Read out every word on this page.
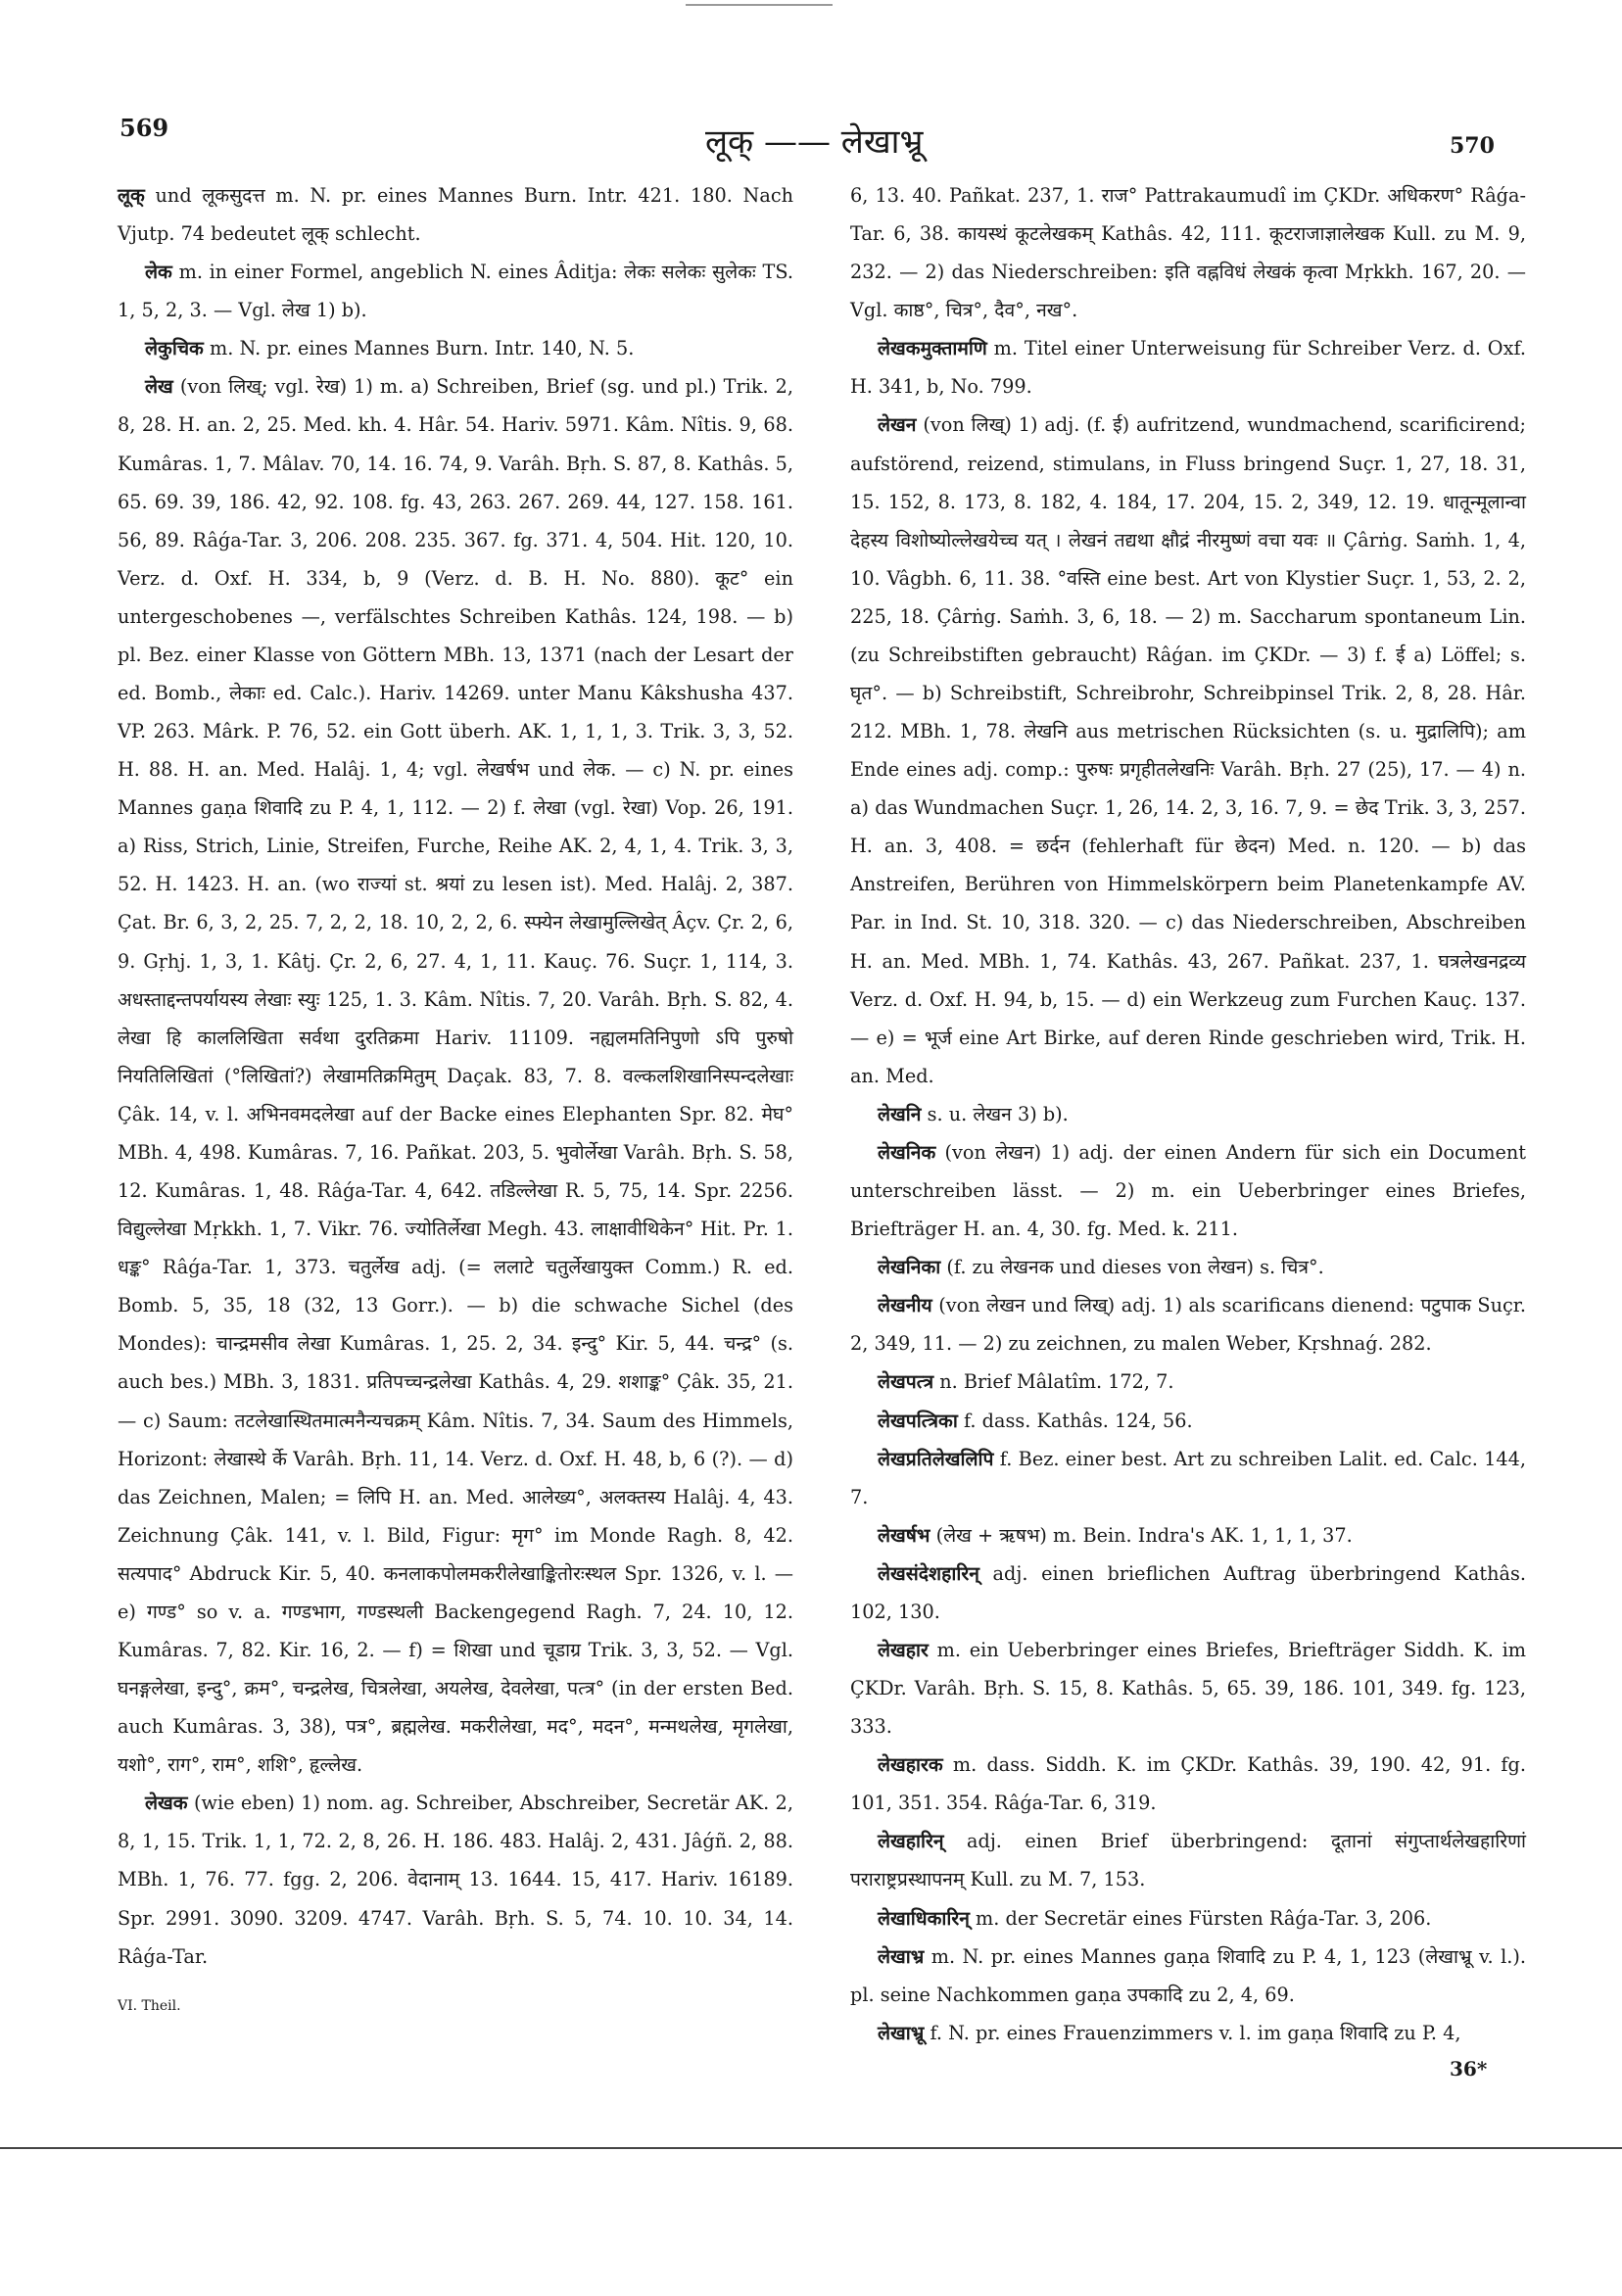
569	लूक् —— लेखाभ्रू	570

लूक् und लूकसुदत्त m. N. pr. eines Mannes Burn. Intr. 421. 180. Nach Vjutp. 74 bedeutet लूक् schlecht.

लेक m. in einer Formel, angeblich N. eines Âditja: लेकः सलेकः सुलेकः TS. 1, 5, 2, 3. — Vgl. लेख 1) b).

लेकुचिक m. N. pr. eines Mannes Burn. Intr. 140, N. 5.

लेख (von लिख्; vgl. रेख) 1) m. a) Schreiben, Brief (sg. und pl.) Trik. 2, 8, 28. H. an. 2, 25. Med. kh. 4. Hâr. 54. Hariv. 5971. Kâm. Nîtis. 9, 68. Kumâras. 1, 7. Mâlav. 70, 14. 16. 74, 9. Varâh. Bṛh. S. 87, 8. Kathâs. 5, 65. 69. 39, 186. 42, 92. 108. fg. 43, 263. 267. 269. 44, 127. 158. 161. 56, 89. Râǵa-Tar. 3, 206. 208. 235. 367. fg. 371. 4, 504. Hit. 120, 10. Verz. d. Oxf. H. 334, b, 9 (Verz. d. B. H. No. 880). कूट° ein untergeschobenes —, verfälschtes Schreiben Kathâs. 124, 198. — b) pl. Bez. einer Klasse von Göttern MBh. 13, 1371 (nach der Lesart der ed. Bomb., लेकाः ed. Calc.). Hariv. 14269. unter Manu Kâkshusha 437. VP. 263. Mârk. P. 76, 52. ein Gott überh. AK. 1, 1, 1, 3. Trik. 3, 3, 52. H. 88. H. an. Med. Halâj. 1, 4; vgl. लेखर्षभ und लेक. — c) N. pr. eines Mannes gaṇa शिवादि zu P. 4, 1, 112. — 2) f. लेखा (vgl. रेखा) Vop. 26, 191. a) Riss, Strich, Linie, Streifen, Furche, Reihe AK. 2, 4, 1, 4. Trik. 3, 3, 52. H. 1423. H. an. (wo राज्यां st. श्रयां zu lesen ist). Med. Halâj. 2, 387. Çat. Br. 6, 3, 2, 25. 7, 2, 2, 18. 10, 2, 2, 6. स्फ्येन लेखामुल्लिखेत् Âçv. Çr. 2, 6, 9. Gṛhj. 1, 3, 1. Kâtj. Çr. 2, 6, 27. 4, 1, 11. Kauç. 76. Suçr. 1, 114, 3. अधस्ताद्दन्तपर्यायस्य लेखाः स्युः 125, 1. 3. Kâm. Nîtis. 7, 20. Varâh. Bṛh. S. 82, 4. लेखा हि काललिखिता सर्वथा दुरतिक्रमा Hariv. 11109. नह्यलमतिनिपुणो ऽपि पुरुषो नियतिलिखितां (°लिखितां?) लेखामतिक्रमितुम् Daçak. 83, 7. 8. वल्कलशिखानिस्पन्दलेखाः Çâk. 14, v. l. अभिनवमदलेखा auf der Backe eines Elephanten Spr. 82. मेघ° MBh. 4, 498. Kumâras. 7, 16. Pañkat. 203, 5. भुवोर्लेखा Varâh. Bṛh. S. 58, 12. Kumâras. 1, 48. Râǵa-Tar. 4, 642. तडिल्लेखा R. 5, 75, 14. Spr. 2256. विद्युल्लेखा Mṛkkh. 1, 7. Vikr. 76. ज्योतिर्लेखा Megh. 43. लाक्षावीथिकेन° Hit. Pr. 1. धङ्क° Râǵa-Tar. 1, 373. चतुर्लेख adj. (= ललाटे चतुर्लेखायुक्त Comm.) R. ed. Bomb. 5, 35, 18 (32, 13 Gorr.). — b) die schwache Sichel (des Mondes): चान्द्रमसीव लेखा Kumâras. 1, 25. 2, 34. इन्दु° Kir. 5, 44. चन्द्र° (s. auch bes.) MBh. 3, 1831. प्रतिपच्चन्द्रलेखा Kathâs. 4, 29. शशाङ्क° Çâk. 35, 21. — c) Saum: तटलेखास्थितमात्मनैन्यचक्रम् Kâm. Nîtis. 7, 34. Saum des Himmels, Horizont: लेखास्थे र्के Varâh. Bṛh. 11, 14. Verz. d. Oxf. H. 48, b, 6 (?). — d) das Zeichnen, Malen; = लिपि H. an. Med. आलेख्य°, अलक्तस्य Halâj. 4, 43. Zeichnung Çâk. 141, v. l. Bild, Figur: मृग° im Monde Ragh. 8, 42. सत्यपाद° Abdruck Kir. 5, 40. कनलाकपोलमकरीलेखाङ्कितोरःस्थल Spr. 1326, v. l. — e) गण्ड° so v. a. गण्डभाग, गण्डस्थली Backengegend Ragh. 7, 24. 10, 12. Kumâras. 7, 82. Kir. 16, 2. — f) = शिखा und चूडाग्र Trik. 3, 3, 52. — Vgl. घनङ्गलेखा, इन्दु°, क्रम°, चन्द्रलेख, चित्रलेखा, अयलेख, देवलेखा, पत्त्र° (in der ersten Bed. auch Kumâras. 3, 38), पत्र°, ब्रह्मलेख. मकरीलेखा, मद°, मदन°, मन्मथलेख, मृगलेखा, यशो°, राग°, राम°, शशि°, हृल्लेख.

लेखक (wie eben) 1) nom. ag. Schreiber, Abschreiber, Secretär AK. 2, 8, 1, 15. Trik. 1, 1, 72. 2, 8, 26. H. 186. 483. Halâj. 2, 431. Jâǵñ. 2, 88. MBh. 1, 76. 77. fgg. 2, 206. वेदानाम् 13. 1644. 15, 417. Hariv. 16189. Spr. 2991. 3090. 3209. 4747. Varâh. Bṛh. S. 5, 74. 10. 10. 34, 14. Râǵa-Tar.

6, 13. 40. Pañkat. 237, 1. राज° Pattrakaumudî im ÇKDr. अधिकरण° Râǵa-Tar. 6, 38. कायस्थं कूटलेखकम् Kathâs. 42, 111. कूटराजाज्ञालेखक Kull. zu M. 9, 232. — 2) das Niederschreiben: इति वह्नविधं लेखकं कृत्वा Mṛkkh. 167, 20. — Vgl. काष्ठ°, चित्र°, दैव°, नख°.

लेखकमुक्तामणि m. Titel einer Unterweisung für Schreiber Verz. d. Oxf. H. 341, b, No. 799.

लेखन (von लिख्) 1) adj. (f. ई) aufritzend, wundmachend, scarificirend; aufstörend, reizend, stimulans, in Fluss bringend Suçr. 1, 27, 18. 31, 15. 152, 8. 173, 8. 182, 4. 184, 17. 204, 15. 2, 349, 12. 19. धातून्मूलान्वा देहस्य विशोष्योल्लेखयेच्च यत् । लेखनं तद्यथा क्षौद्रं नीरमुष्णं वचा यवः ॥ Çârṅg. Saṁh. 1, 4, 10. Vâgbh. 6, 11. 38. °वस्ति eine best. Art von Klystier Suçr. 1, 53, 2. 2, 225, 18. Çârṅg. Saṁh. 3, 6, 18. — 2) m. Saccharum spontaneum Lin. (zu Schreibstiften gebraucht) Râǵan. im ÇKDr. — 3) f. ई a) Löffel; s. घृत°. — b) Schreibstift, Schreibrohr, Schreibpinsel Trik. 2, 8, 28. Hâr. 212. MBh. 1, 78. लेखनि aus metrischen Rücksichten (s. u. मुद्रालिपि); am Ende eines adj. comp.: पुरुषः प्रगृहीतलेखनिः Varâh. Bṛh. 27 (25), 17. — 4) n. a) das Wundmachen Suçr. 1, 26, 14. 2, 3, 16. 7, 9. = छेद Trik. 3, 3, 257. H. an. 3, 408. = छर्दन (fehlerhaft für छेदन) Med. n. 120. — b) das Anstreifen, Berühren von Himmelskörpern beim Planetenkampfe AV. Par. in Ind. St. 10, 318. 320. — c) das Niederschreiben, Abschreiben H. an. Med. MBh. 1, 74. Kathâs. 43, 267. Pañkat. 237, 1. घत्रलेखनद्रव्य Verz. d. Oxf. H. 94, b, 15. — d) ein Werkzeug zum Furchen Kauç. 137. — e) = भूर्ज eine Art Birke, auf deren Rinde geschrieben wird, Trik. H. an. Med.

लेखनि s. u. लेखन 3) b).

लेखनिक (von लेखन) 1) adj. der einen Andern für sich ein Document unterschreiben lässt. — 2) m. ein Ueberbringer eines Briefes, Briefträger H. an. 4, 30. fg. Med. k. 211.

लेखनिका (f. zu लेखनक und dieses von लेखन) s. चित्र°.

लेखनीय (von लेखन und लिख्) adj. 1) als scarificans dienend: पटुपाक Suçr. 2, 349, 11. — 2) zu zeichnen, zu malen Weber, Kṛshnaǵ. 282.

लेखपत्त्र n. Brief Mâlatîm. 172, 7.

लेखपत्त्रिका f. dass. Kathâs. 124, 56.

लेखप्रतिलेखलिपि f. Bez. einer best. Art zu schreiben Lalit. ed. Calc. 144, 7.

लेखर्षभ (लेख + ऋषभ) m. Bein. Indra's AK. 1, 1, 1, 37.

लेखसंदेशहारिन् adj. einen brieflichen Auftrag überbringend Kathâs. 102, 130.

लेखहार m. ein Ueberbringer eines Briefes, Briefträger Siddh. K. im ÇKDr. Varâh. Bṛh. S. 15, 8. Kathâs. 5, 65. 39, 186. 101, 349. fg. 123, 333.

लेखहारक m. dass. Siddh. K. im ÇKDr. Kathâs. 39, 190. 42, 91. fg. 101, 351. 354. Râǵa-Tar. 6, 319.

लेखहारिन् adj. einen Brief überbringend: दूतानां संगुप्तार्थलेखहारिणां पराराष्ट्रप्रस्थापनम् Kull. zu M. 7, 153.

लेखाधिकारिन् m. der Secretär eines Fürsten Râǵa-Tar. 3, 206.

लेखाभ्र m. N. pr. eines Mannes gaṇa शिवादि zu P. 4, 1, 123 (लेखाभ्रू v. l.). pl. seine Nachkommen gaṇa उपकादि zu 2, 4, 69.

लेखाभ्रू f. N. pr. eines Frauenzimmers v. l. im gaṇa शिवादि zu P. 4,

VI. Theil.
36*
